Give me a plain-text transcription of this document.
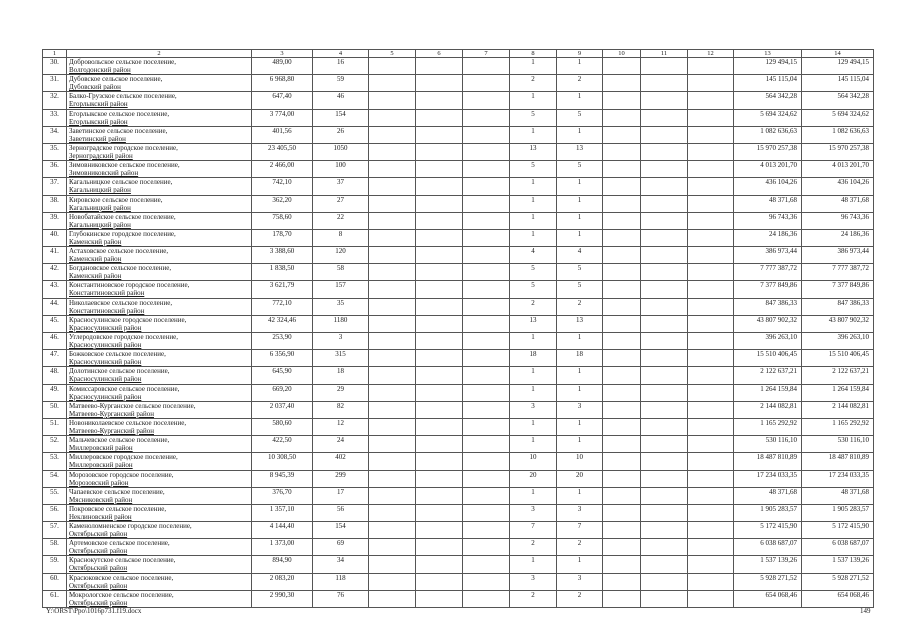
1	2	3	4	5	6	7	8	9	10	11	12	13	14
30.	Добровольское сельское поселение,
Волгодонский район	489,00	16				1	1				129 494,15	129 494,15
31.	Дубовское сельское поселение,
Дубовский район	6 968,80	59				2	2				145 115,04	145 115,04
32.	Балко-Грузское сельское поселение,
Егорлыкский район	647,40	46				1	1				564 342,28	564 342,28
33.	Егорлыкское сельское поселение,
Егорлыкский район	3 774,00	154				5	5				5 694 324,62	5 694 324,62
34.	Заветинское сельское поселение,
Заветинский район	401,56	26				1	1				1 082 636,63	1 082 636,63
35.	Зерноградское городское поселение,
Зерноградский район	23 405,50	1050				13	13				15 970 257,38	15 970 257,38
36.	Зимовниковское сельское поселение,
Зимовниковский район	2 466,00	100				5	5				4 013 201,70	4 013 201,70
37.	Кагальницкое сельское поселение,
Кагальницкий район	742,10	37				1	1				436 104,26	436 104,26
38.	Кировское сельское поселение,
Кагальницкий район	362,20	27				1	1				48 371,68	48 371,68
39.	Новобатайское сельское поселение,
Кагальницкий район	758,60	22				1	1				96 743,36	96 743,36
40.	Глубокинское городское поселение,
Каменский район	178,70	8				1	1				24 186,36	24 186,36
41.	Астаховское сельское поселение,
Каменский район	3 388,60	120				4	4				386 973,44	386 973,44
42.	Богдановское сельское поселение,
Каменский район	1 838,50	58				5	5				7 777 387,72	7 777 387,72
43.	Константиновское городское поселение,
Константиновский район	3 621,79	157				5	5				7 377 849,86	7 377 849,86
44.	Николаевское сельское поселение,
Константиновский район	772,10	35				2	2				847 386,33	847 386,33
45.	Красносулинское городское поселение,
Красносулинский район	42 324,46	1180				13	13				43 807 902,32	43 807 902,32
46.	Углеродовское городское поселение,
Красносулинский район	253,90	3				1	1				396 263,10	396 263,10
47.	Божковское сельское поселение,
Красносулинский район	6 356,90	315				18	18				15 510 406,45	15 510 406,45
48.	Долотинское сельское поселение,
Красносулинский район	645,90	18				1	1				2 122 637,21	2 122 637,21
49.	Комиссаровское сельское поселение,
Красносулинский район	669,20	29				1	1				1 264 159,84	1 264 159,84
50.	Матвеево-Курганское сельское поселение,
Матвеево-Курганский район	2 037,40	82				3	3				2 144 082,81	2 144 082,81
51.	Новониколаевское сельское поселение,
Матвеево-Курганский район	580,60	12				1	1				1 165 292,92	1 165 292,92
52.	Мальчевское сельское поселение,
Миллеровский район	422,50	24				1	1				530 116,10	530 116,10
53.	Миллеровское городское поселение,
Миллеровский район	10 308,50	402				10	10				18 487 810,89	18 487 810,89
54.	Морозовское городское поселение,
Морозовский район	8 945,39	299				20	20				17 234 033,35	17 234 033,35
55.	Чапаевское сельское поселение,
Мясниковский район	376,70	17				1	1				48 371,68	48 371,68
56.	Покровское сельское поселение,
Неклиновский район	1 357,10	56				3	3				1 905 283,57	1 905 283,57
57.	Каменоломненское городское поселение,
Октябрьский район	4 144,40	154				7	7				5 172 415,90	5 172 415,90
58.	Артемовское сельское поселение,
Октябрьский район	1 373,00	69				2	2				6 038 687,07	6 038 687,07
59.	Краснокутское сельское поселение,
Октябрьский район	894,90	34				1	1				1 537 139,26	1 537 139,26
60.	Красюковское сельское поселение,
Октябрьский район	2 083,20	118				3	3				5 928 271,52	5 928 271,52
61.	Мокрологское сельское поселение,
Октябрьский район	2 990,30	76				2	2				654 068,46	654 068,46
Y:\ORST\Ppo\1016p731.f19.docx	149
